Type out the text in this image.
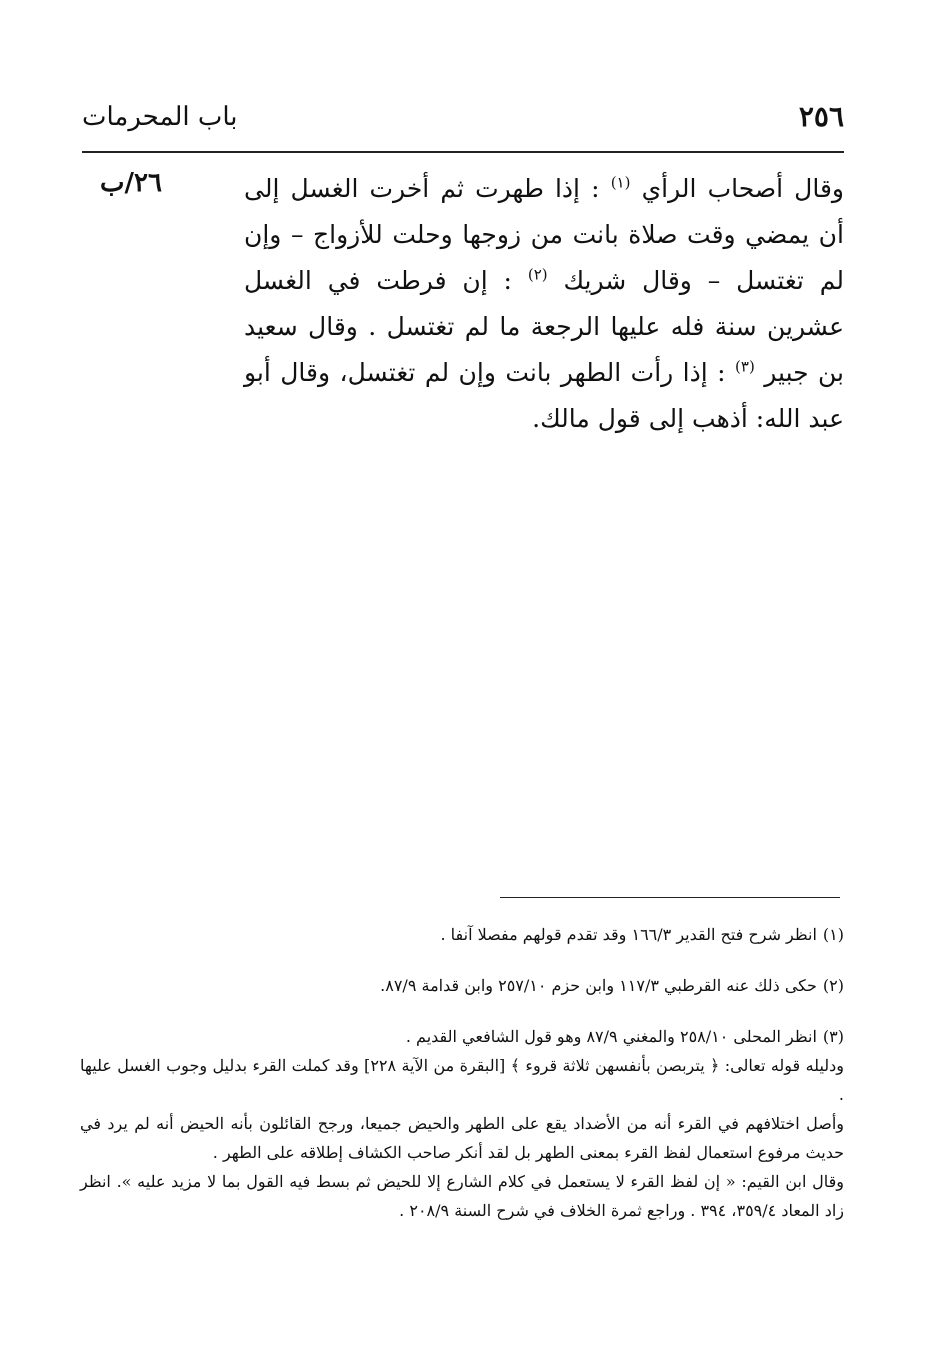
٢٥٦
باب المحرمات
٢٦/ب	وقال أصحاب الرأي $^{(١)}$ : إذا طهرت ثم أخرت الغسل إلى أن يمضي وقت صلاة بانت من زوجها وحلت للأزواج – وإن لم تغتسل – وقال شريك $^{(٢)}$ : إن فرطت في الغسل عشرين سنة فله عليها الرجعة ما لم تغتسل . وقال سعيد بن جبير $^{(٣)}$ : إذا رأت الطهر بانت وإن لم تغتسل، وقال أبو عبد الله: أذهب إلى قول مالك.

(١)انظر شرح فتح القدير ١٦٦/٣ وقد تقدم قولهم مفصلا آنفا .

(٢)حكى ذلك عنه القرطبي ١١٧/٣ وابن حزم ٢٥٧/١٠ وابن قدامة ٨٧/٩.

(٣)انظر المحلى ٢٥٨/١٠ والمغني ٨٧/٩ وهو قول الشافعي القديم .
ودليله قوله تعالى: ﴿ يتربصن بأنفسهن ثلاثة قروء ﴾ [البقرة من الآية ٢٢٨] وقد كملت القرء بدليل وجوب الغسل عليها .
وأصل اختلافهم في القرء أنه من الأضداد يقع على الطهر والحيض جميعا، ورجح القائلون بأنه الحيض أنه لم يرد في حديث مرفوع استعمال لفظ القرء بمعنى الطهر بل لقد أنكر صاحب الكشاف إطلاقه على الطهر .
وقال ابن القيم: « إن لفظ القرء لا يستعمل في كلام الشارع إلا للحيض ثم بسط فيه القول بما لا مزيد عليه ». انظر زاد المعاد ٣٥٩/٤، ٣٩٤ . وراجع ثمرة الخلاف في شرح السنة ٢٠٨/٩ .
